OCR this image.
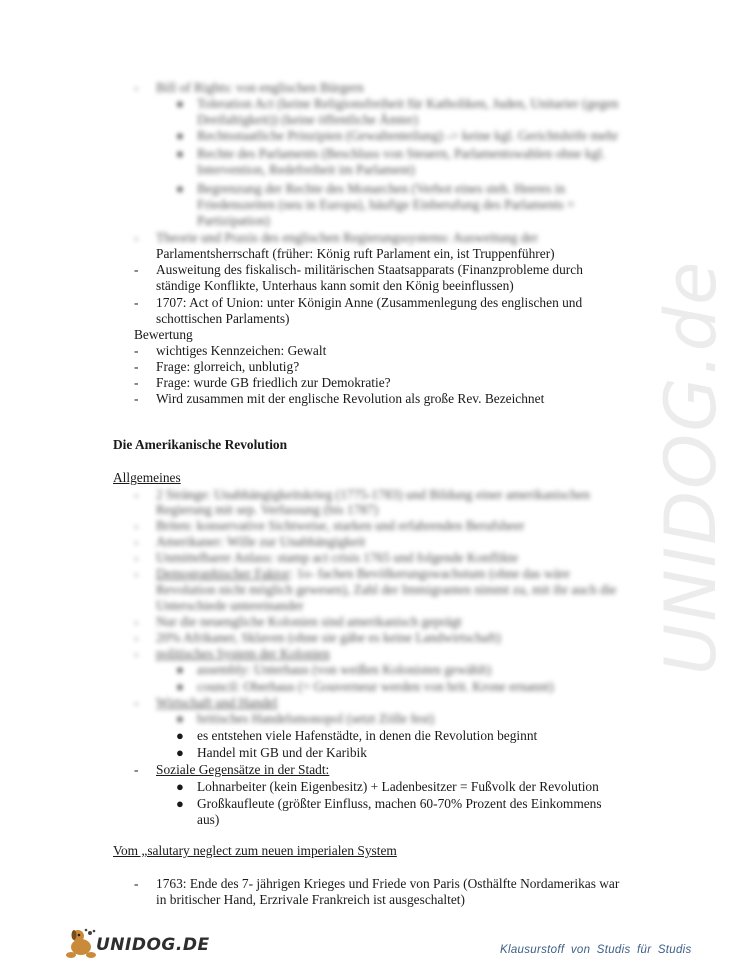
UNIDOG.de
- Bill of Rights: von englischen Bürgern
● Toleration Act (keine Religionsfreiheit für Katholiken, Juden, Unitarier (gegen
Dreifaltigkeit)) (keine öffentliche Ämter)
● Rechtsstaatliche Prinzipien (Gewaltenteilung) -> keine kgl. Gerichtshöfe mehr
● Rechte des Parlaments (Beschluss von Steuern, Parlamentswahlen ohne kgl.
Intervention, Redefreiheit im Parlament)
● Begrenzung der Rechte des Monarchen (Verbot eines steh. Heeres in
Friedenszeiten (neu in Europa), häufige Einberufung des Parlaments =
Partizipation)
- Theorie und Praxis des englischen Regierungssystems: Ausweitung der
Parlamentsherrschaft (früher: König ruft Parlament ein, ist Truppenführer)
- Ausweitung des fiskalisch- militärischen Staatsapparats (Finanzprobleme durch
ständige Konflikte, Unterhaus kann somit den König beeinflussen)
- 1707: Act of Union: unter Königin Anne (Zusammenlegung des englischen und
schottischen Parlaments)
Bewertung
- wichtiges Kennzeichen: Gewalt
- Frage: glorreich, unblutig?
- Frage: wurde GB friedlich zur Demokratie?
- Wird zusammen mit der englische Revolution als große Rev. Bezeichnet
Die Amerikanische Revolution
Allgemeines
- 2 Stränge: Unabhängigkeitskrieg (1775-1783) und Bildung einer amerikanischen
Regierung mit sep. Verfassung (bis 1787)
- Briten: konservative Sichtweise, starken und erfahrenden Berufsheer
- Amerikaner: Wille zur Unabhängigkeit
- Unmittelbarer Anlass: stamp act crisis 1765 und folgende Konflikte
- Demographischer Faktor: 1o- fachen Bevölkerungswachstum (ohne das wäre
Revolution nicht möglich gewesen), Zahl der Immigranten nimmt zu, mit ihr auch die
Unterschiede untereinander
- Nur die neuengliche Kolonien sind amerikanisch geprägt
- 20% Afrikaner, Sklaven (ohne sie gäbe es keine Landwirtschaft)
- politisches System der Kolonien
● assembly: Unterhaus (von weißen Kolonisten gewählt)
● council: Oberhaus (= Gouverneur werden von brit. Krone ernannt)
- Wirtschaft und Handel
● britisches Handelsmonopol (setzt Zölle fest)
● es entstehen viele Hafenstädte, in denen die Revolution beginnt
● Handel mit GB und der Karibik
- Soziale Gegensätze in der Stadt:
● Lohnarbeiter (kein Eigenbesitz) + Ladenbesitzer = Fußvolk der Revolution
● Großkaufleute (größter Einfluss, machen 60-70% Prozent des Einkommens
aus)
Vom „salutary neglect zum neuen imperialen System
- 1763: Ende des 7- jährigen Krieges und Friede von Paris (Osthälfte Nordamerikas war
in britischer Hand, Erzrivale Frankreich ist ausgeschaltet)
UNIDOG.DE	Klausurstoff von Studis für Studis
